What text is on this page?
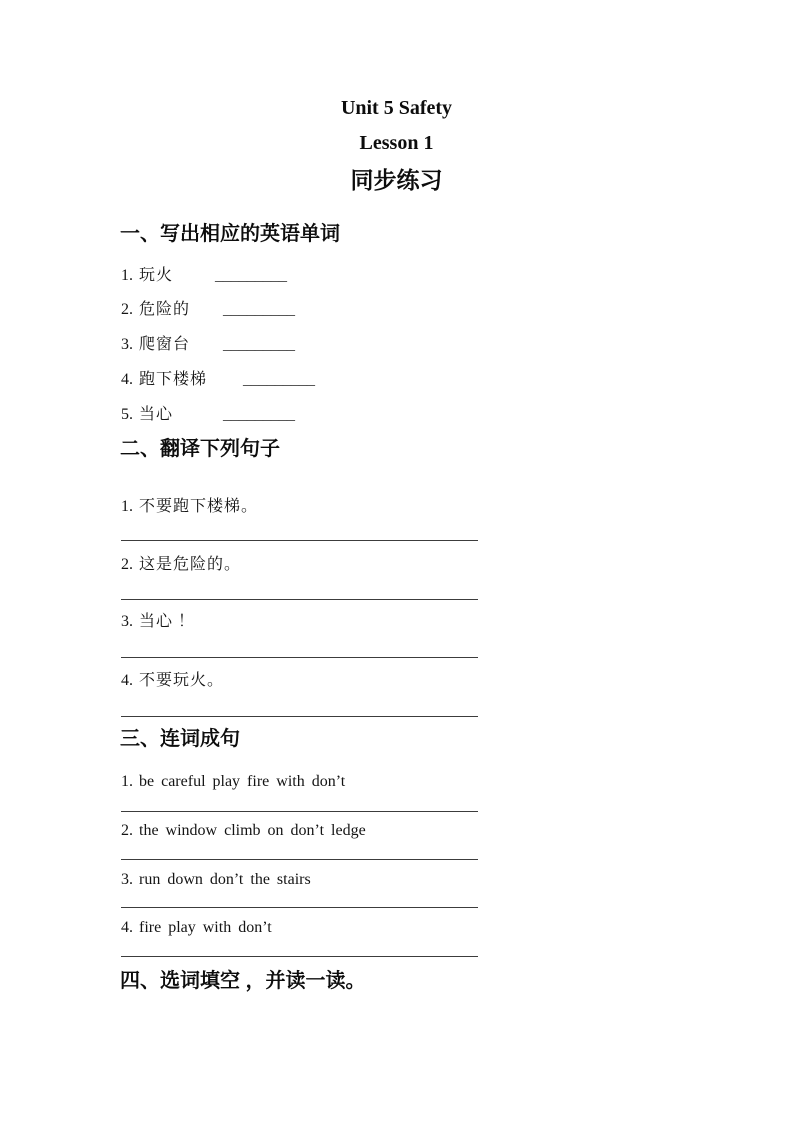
Unit 5 Safety
Lesson 1
同步练习
一、写出相应的英语单词
1. 玩火	_________
2. 危险的 _________
3. 爬窗台 _________
4. 跑下楼梯 _________
5. 当心	_________
二、翻译下列句子
1. 不要跑下楼梯。
2. 这是危险的。
3. 当心 ！
4. 不要玩火。
三、连词成句
1. be careful play fire with don’t
2. the window climb on don’t ledge
3. run down don’t the stairs
4. fire play with don’t
四、选词填空 ，并读一读。
